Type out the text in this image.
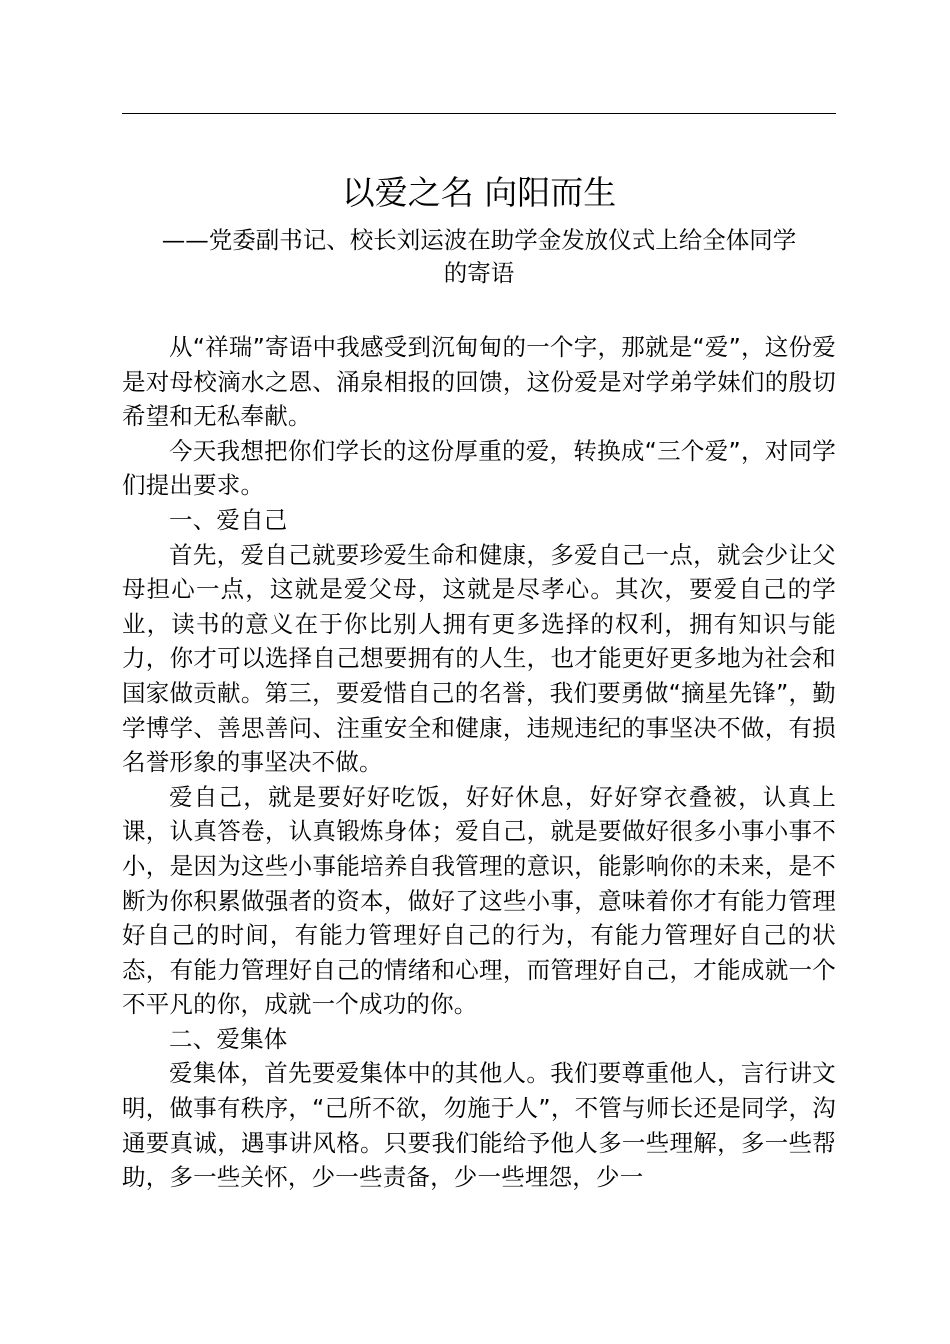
以爱之名 向阳而生
——党委副书记、校长刘运波在助学金发放仪式上给全体同学
的寄语

从“祥瑞”寄语中我感受到沉甸甸的一个字，那就是“爱”，这份爱是对母校滴水之恩、涌泉相报的回馈，这份爱是对学弟学妹们的殷切希望和无私奉献。

今天我想把你们学长的这份厚重的爱，转换成“三个爱”，对同学们提出要求。

一、爱自己

首先，爱自己就要珍爱生命和健康，多爱自己一点，就会少让父母担心一点，这就是爱父母，这就是尽孝心。其次，要爱自己的学业，读书的意义在于你比别人拥有更多选择的权利，拥有知识与能力，你才可以选择自己想要拥有的人生，也才能更好更多地为社会和国家做贡献。第三，要爱惜自己的名誉，我们要勇做“摘星先锋”，勤学博学、善思善问、注重安全和健康，违规违纪的事坚决不做，有损名誉形象的事坚决不做。

爱自己，就是要好好吃饭，好好休息，好好穿衣叠被，认真上课，认真答卷，认真锻炼身体；爱自己，就是要做好很多小事小事不小，是因为这些小事能培养自我管理的意识，能影响你的未来，是不断为你积累做强者的资本，做好了这些小事，意味着你才有能力管理好自己的时间，有能力管理好自己的行为，有能力管理好自己的状态，有能力管理好自己的情绪和心理，而管理好自己，才能成就一个不平凡的你，成就一个成功的你。

二、爱集体

爱集体，首先要爱集体中的其他人。我们要尊重他人，言行讲文明，做事有秩序，“己所不欲，勿施于人”，不管与师长还是同学，沟通要真诚，遇事讲风格。只要我们能给予他人多一些理解，多一些帮助，多一些关怀，少一些责备，少一些埋怨，少一
